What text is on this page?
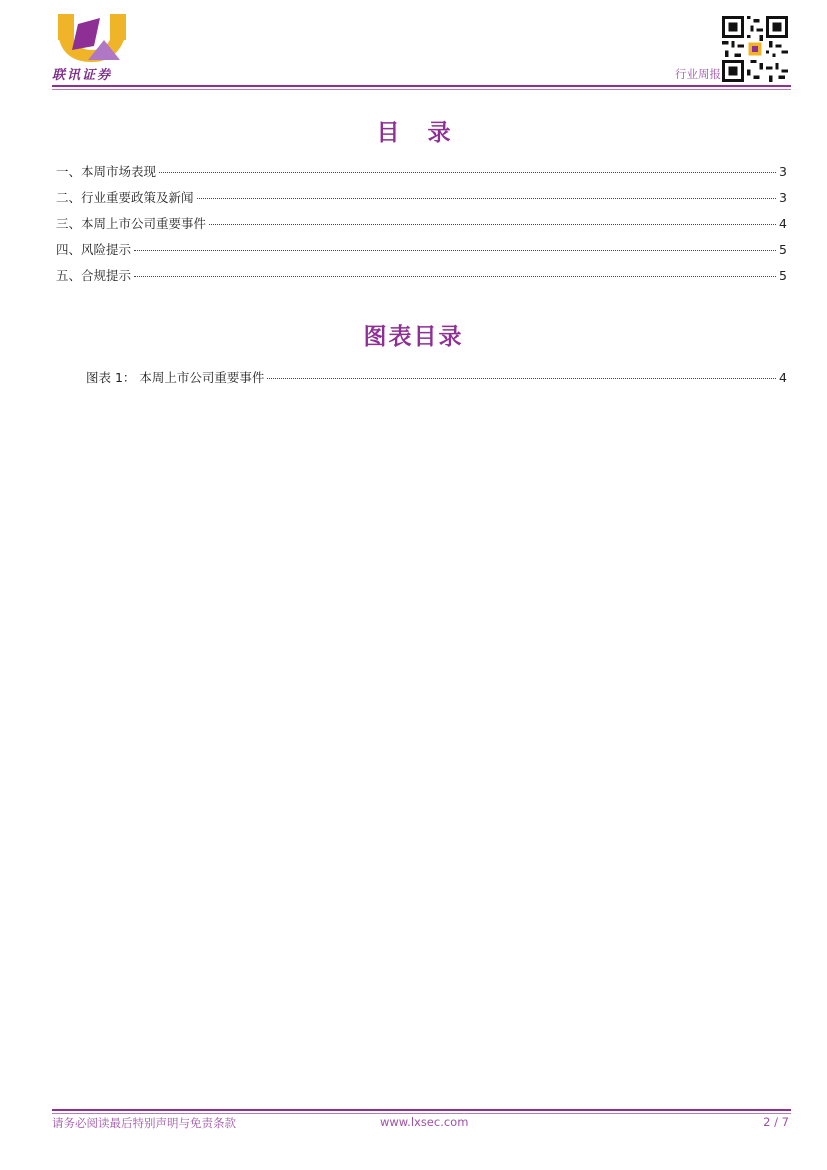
联讯证券	行业周报
目录
一、本周市场表现	3
二、行业重要政策及新闻	3
三、本周上市公司重要事件	4
四、风险提示	5
五、合规提示	5
图表目录
图表 1： 本周上市公司重要事件	4
请务必阅读最后特别声明与免责条款	www.lxsec.com	2 / 7
